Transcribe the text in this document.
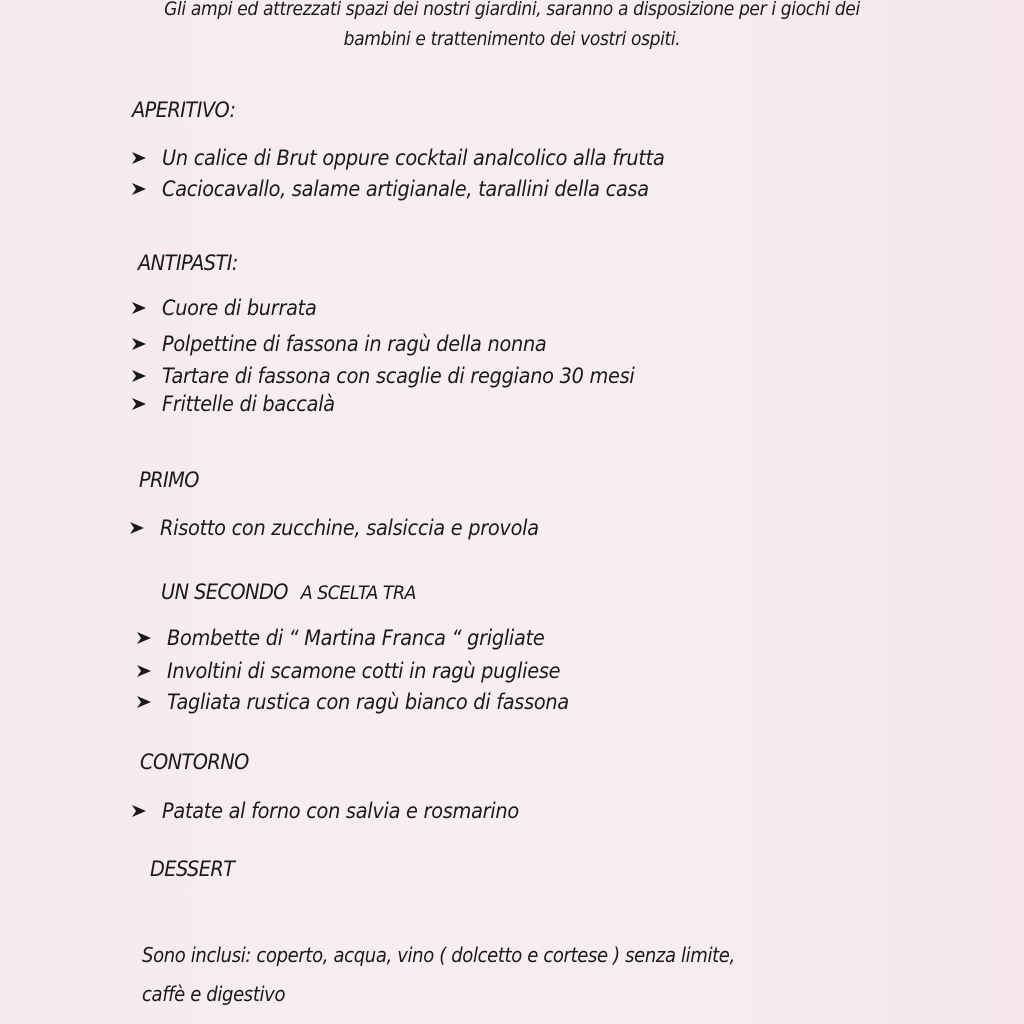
Gli ampi ed attrezzati spazi dei nostri giardini, saranno a disposizione per i giochi dei
bambini e trattenimento dei vostri ospiti.
APERITIVO:
Un calice di Brut oppure cocktail analcolico alla frutta
Caciocavallo, salame artigianale, tarallini della casa
ANTIPASTI:
Cuore di burrata
Polpettine di fassona in ragù della nonna
Tartare di fassona con scaglie di reggiano 30 mesi
Frittelle di baccalà
PRIMO
Risotto con zucchine, salsiccia e provola
UN SECONDO A SCELTA TRA
Bombette di “ Martina Franca “ grigliate
Involtini di scamone cotti in ragù pugliese
Tagliata rustica con ragù bianco di fassona
CONTORNO
Patate al forno con salvia e rosmarino
DESSERT
Sono inclusi: coperto, acqua, vino ( dolcetto e cortese ) senza limite,
caffè e digestivo
